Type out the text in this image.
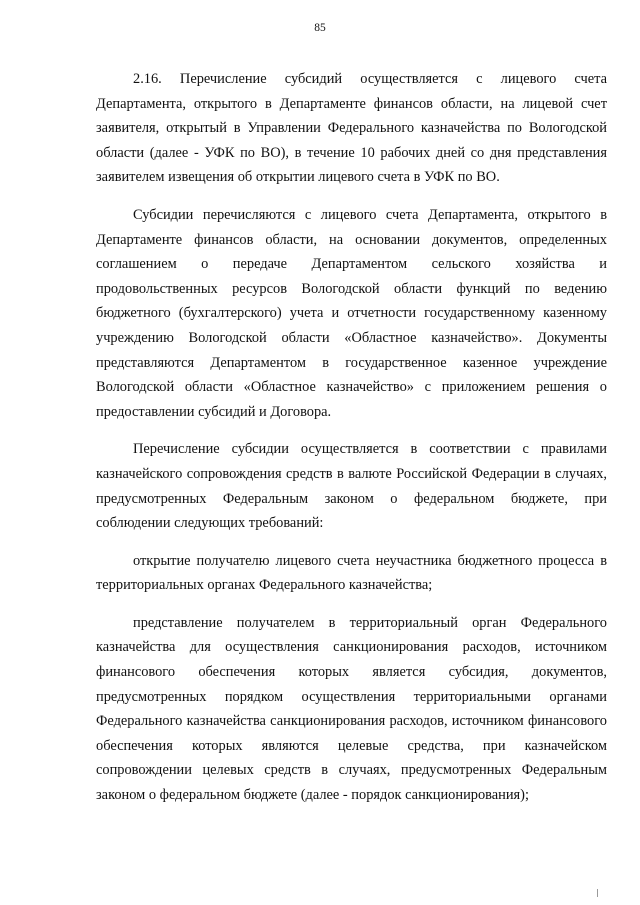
85

2.16. Перечисление субсидий осуществляется с лицевого счета Департамента, открытого в Департаменте финансов области, на лицевой счет заявителя, открытый в Управлении Федерального казначейства по Вологодской области (далее - УФК по ВО), в течение 10 рабочих дней со дня представления заявителем извещения об открытии лицевого счета в УФК по ВО.

Субсидии перечисляются с лицевого счета Департамента, открытого в Департаменте финансов области, на основании документов, определенных соглашением о передаче Департаментом сельского хозяйства и продовольственных ресурсов Вологодской области функций по ведению бюджетного (бухгалтерского) учета и отчетности государственному казенному учреждению Вологодской области «Областное казначейство». Документы представляются Департаментом в государственное казенное учреждение Вологодской области «Областное казначейство» с приложением решения о предоставлении субсидий и Договора.

Перечисление субсидии осуществляется в соответствии с правилами казначейского сопровождения средств в валюте Российской Федерации в случаях, предусмотренных Федеральным законом о федеральном бюджете, при соблюдении следующих требований:

открытие получателю лицевого счета неучастника бюджетного процесса в территориальных органах Федерального казначейства;

представление получателем в территориальный орган Федерального казначейства для осуществления санкционирования расходов, источником финансового обеспечения которых является субсидия, документов, предусмотренных порядком осуществления территориальными органами Федерального казначейства санкционирования расходов, источником финансового обеспечения которых являются целевые средства, при казначейском сопровождении целевых средств в случаях, предусмотренных Федеральным законом о федеральном бюджете (далее - порядок санкционирования);
